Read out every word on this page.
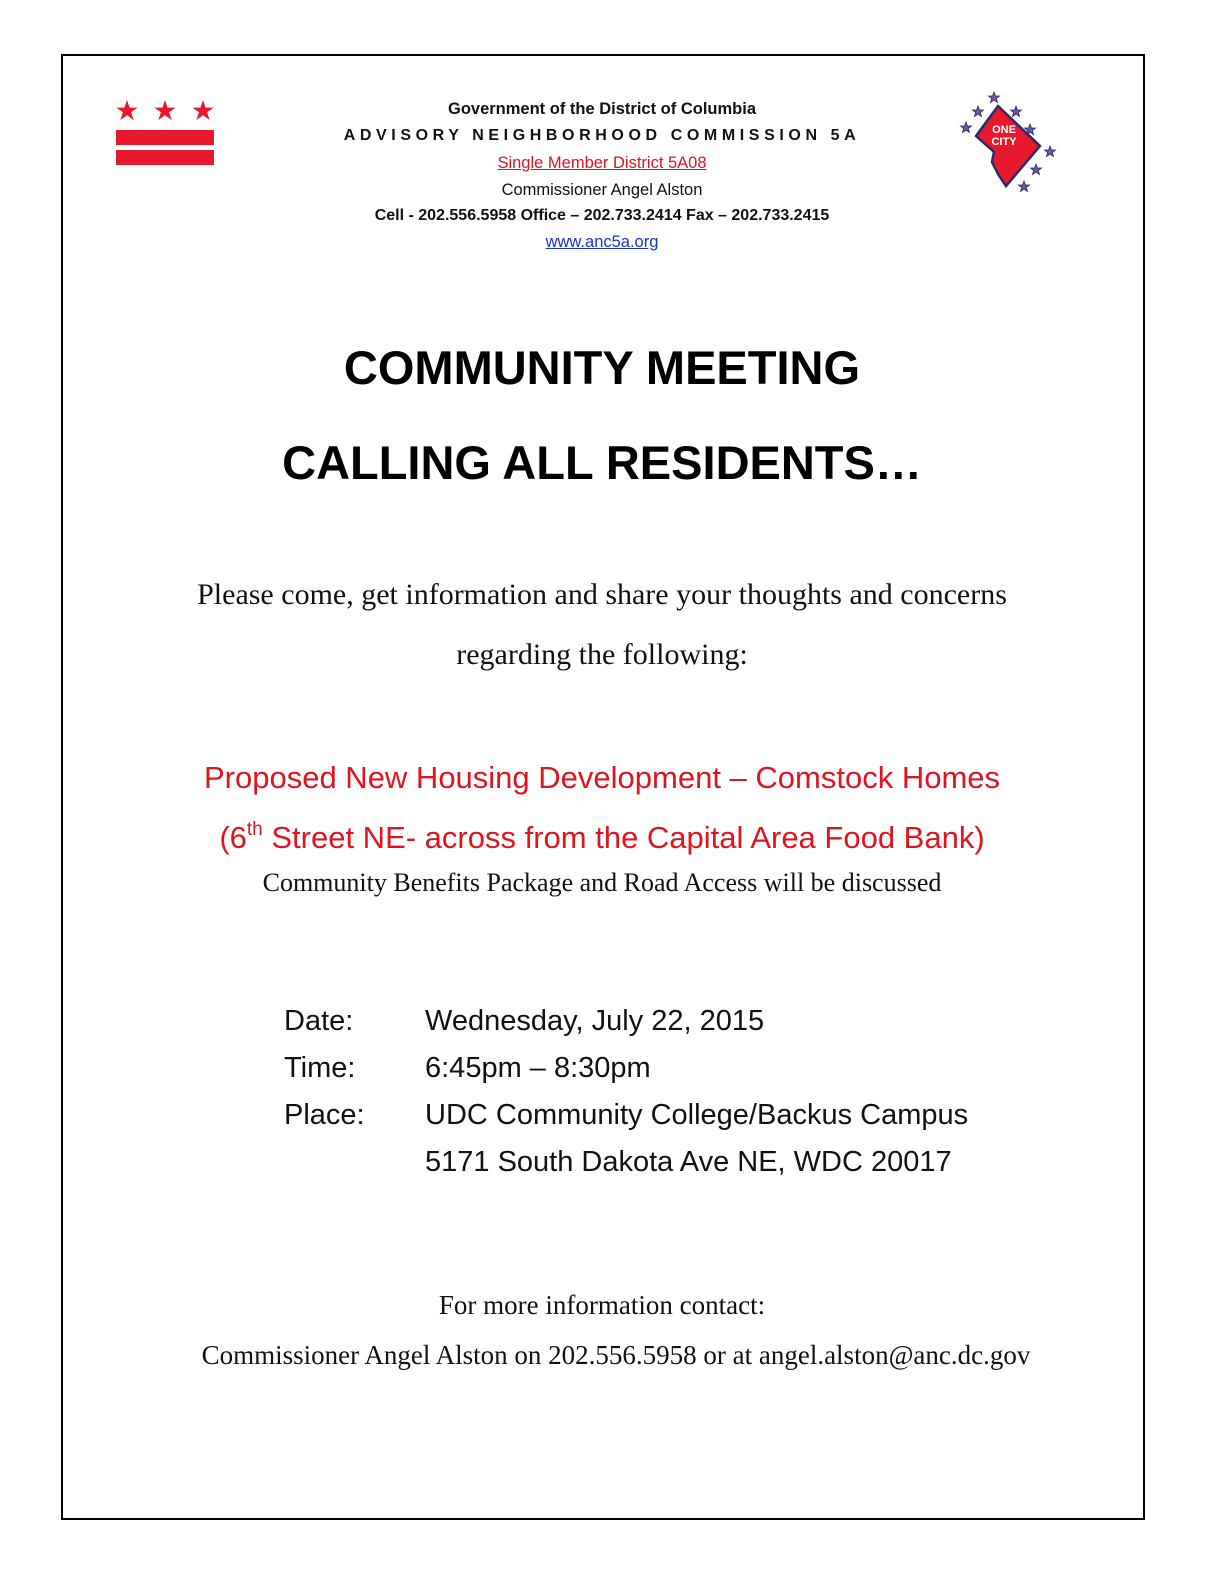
ONE
CITY
Government of the District of Columbia
ADVISORY NEIGHBORHOOD COMMISSION 5A
Single Member District 5A08
Commissioner Angel Alston
Cell - 202.556.5958 Office – 202.733.2414 Fax – 202.733.2415
www.anc5a.org
COMMUNITY MEETING
CALLING ALL RESIDENTS…
Please come, get information and share your thoughts and concerns
regarding the following:
Proposed New Housing Development – Comstock Homes
(6th Street NE- across from the Capital Area Food Bank)
Community Benefits Package and Road Access will be discussed
Date: Wednesday, July 22, 2015
Time: 6:45pm – 8:30pm
Place: UDC Community College/Backus Campus
5171 South Dakota Ave NE, WDC 20017
For more information contact:
Commissioner Angel Alston on 202.556.5958 or at angel.alston@anc.dc.gov
